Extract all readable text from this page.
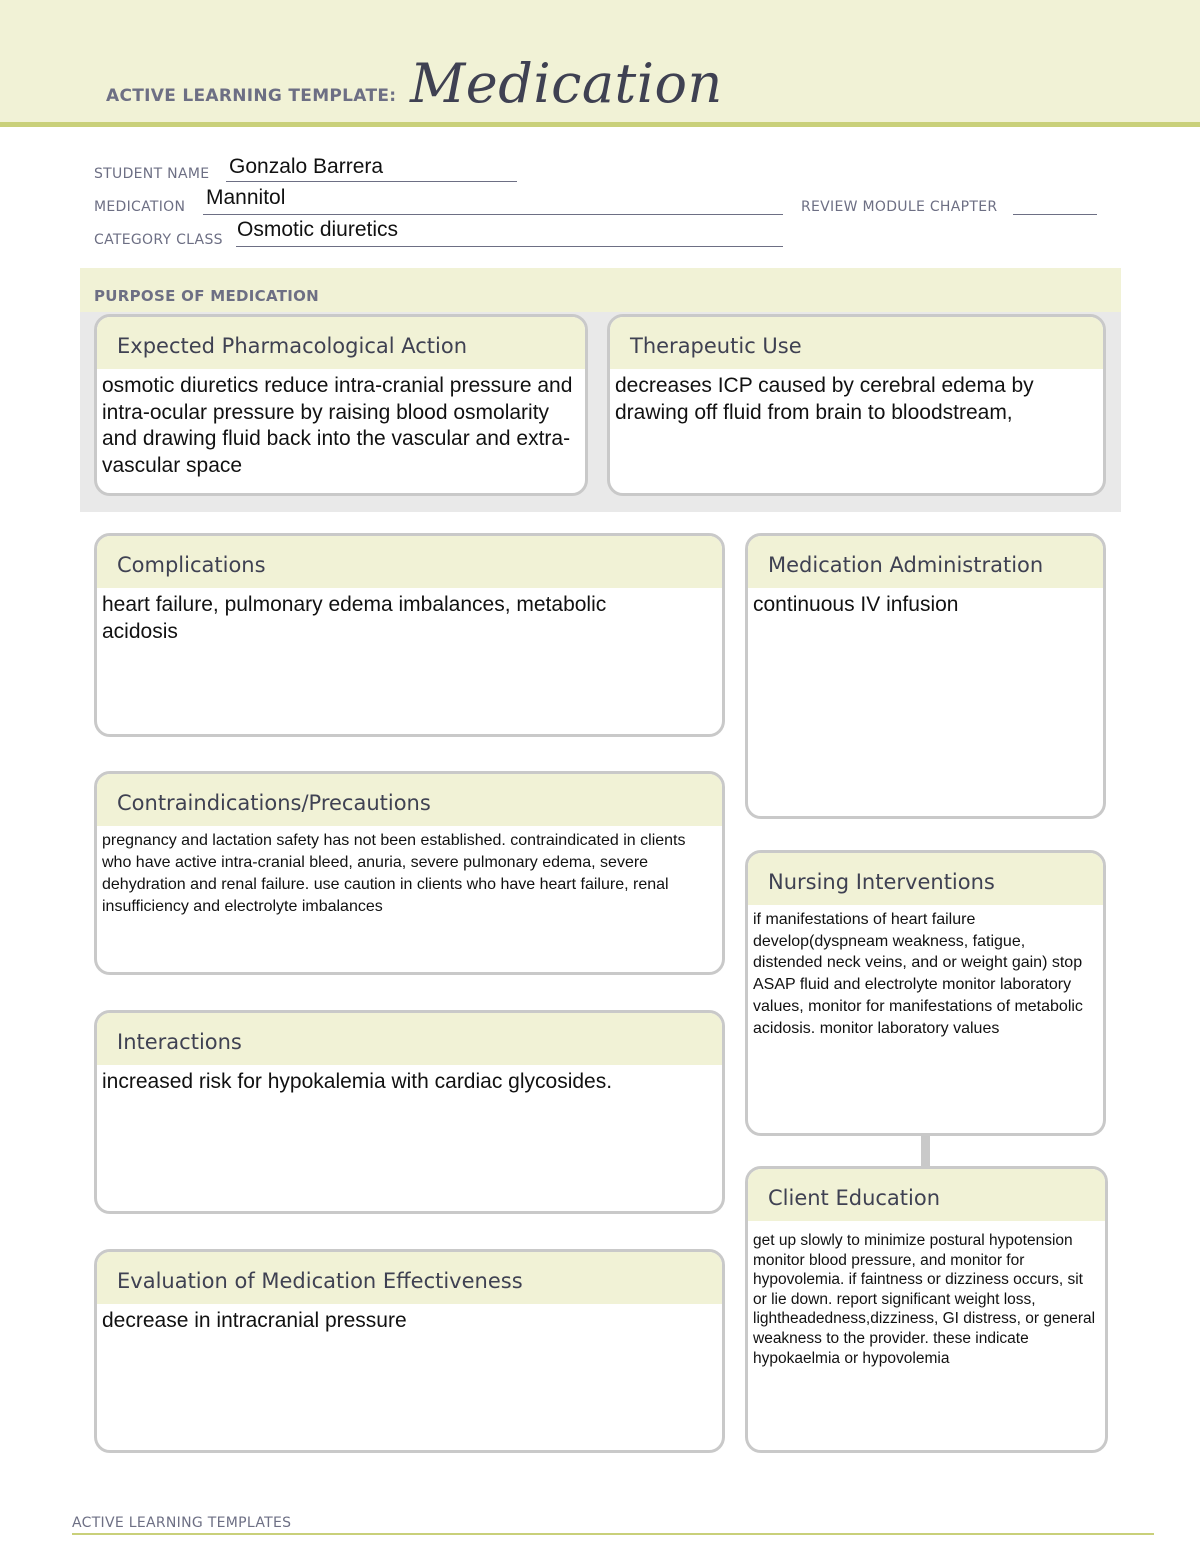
ACTIVE LEARNING TEMPLATE: Medication
STUDENT NAME Gonzalo Barrera
MEDICATION Mannitol	REVIEW MODULE CHAPTER
CATEGORY CLASS Osmotic diuretics
PURPOSE OF MEDICATION
Expected Pharmacological Action
osmotic diuretics reduce intra-cranial pressure and intra-ocular pressure by raising blood osmolarity and drawing fluid back into the vascular and extra-vascular space
Therapeutic Use
decreases ICP caused by cerebral edema by drawing off fluid from brain to bloodstream,
Complications
heart failure, pulmonary edema imbalances, metabolic acidosis
Contraindications/Precautions
pregnancy and lactation safety has not been established. contraindicated in clients who have active intra-cranial bleed, anuria, severe pulmonary edema, severe dehydration and renal failure. use caution in clients who have heart failure, renal insufficiency and electrolyte imbalances
Interactions
increased risk for hypokalemia with cardiac glycosides.
Evaluation of Medication Effectiveness
decrease in intracranial pressure
Medication Administration
continuous IV infusion
Nursing Interventions
if manifestations of heart failure develop(dyspneam weakness, fatigue, distended neck veins, and or weight gain) stop ASAP fluid and electrolyte monitor laboratory values, monitor for manifestations of metabolic acidosis. monitor laboratory values
Client Education
get up slowly to minimize postural hypotension monitor blood pressure, and monitor for hypovolemia. if faintness or dizziness occurs, sit or lie down. report significant weight loss, lightheadedness,dizziness, GI distress, or general weakness to the provider. these indicate hypokaelmia or hypovolemia
ACTIVE LEARNING TEMPLATES
